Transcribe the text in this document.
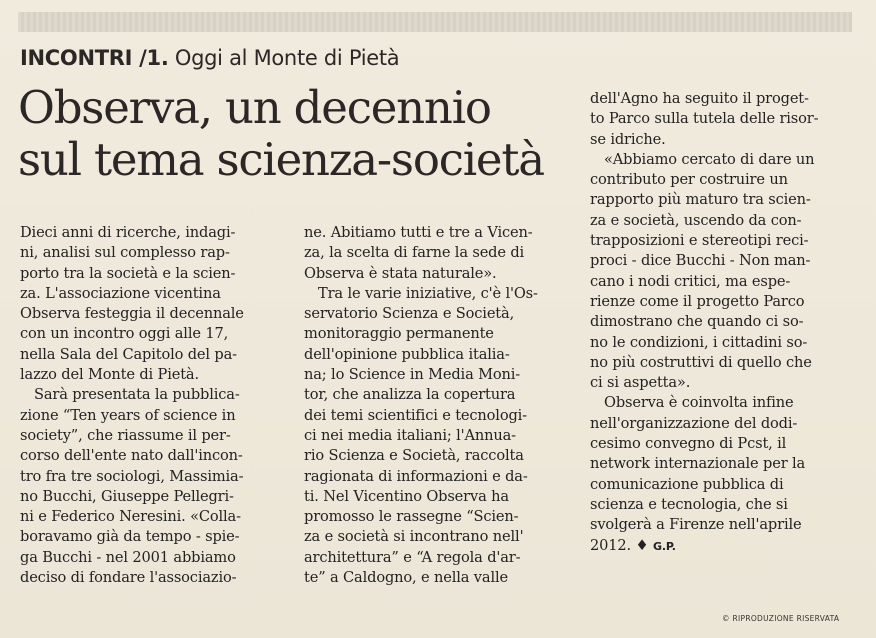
INCONTRI /1. Oggi al Monte di Pietà
Observa, un decennio
sul tema scienza-società
Dieci anni di ricerche, indagi-
ni, analisi sul complesso rap-
porto tra la società e la scien-
za. L'associazione vicentina
Observa festeggia il decennale
con un incontro oggi alle 17,
nella Sala del Capitolo del pa-
lazzo del Monte di Pietà.
Sarà presentata la pubblica-
zione “Ten years of science in
society”, che riassume il per-
corso dell'ente nato dall'incon-
tro fra tre sociologi, Massimia-
no Bucchi, Giuseppe Pellegri-
ni e Federico Neresini. «Colla-
boravamo già da tempo - spie-
ga Bucchi - nel 2001 abbiamo
deciso di fondare l'associazio-
ne. Abitiamo tutti e tre a Vicen-
za, la scelta di farne la sede di
Observa è stata naturale».
Tra le varie iniziative, c'è l'Os-
servatorio Scienza e Società,
monitoraggio permanente
dell'opinione pubblica italia-
na; lo Science in Media Moni-
tor, che analizza la copertura
dei temi scientifici e tecnologi-
ci nei media italiani; l'Annua-
rio Scienza e Società, raccolta
ragionata di informazioni e da-
ti. Nel Vicentino Observa ha
promosso le rassegne “Scien-
za e società si incontrano nell'
architettura” e “A regola d'ar-
te” a Caldogno, e nella valle
dell'Agno ha seguito il proget-
to Parco sulla tutela delle risor-
se idriche.
«Abbiamo cercato di dare un
contributo per costruire un
rapporto più maturo tra scien-
za e società, uscendo da con-
trapposizioni e stereotipi reci-
proci - dice Bucchi - Non man-
cano i nodi critici, ma espe-
rienze come il progetto Parco
dimostrano che quando ci so-
no le condizioni, i cittadini so-
no più costruttivi di quello che
ci si aspetta».
Observa è coinvolta infine
nell'organizzazione del dodi-
cesimo convegno di Pcst, il
network internazionale per la
comunicazione pubblica di
scienza e tecnologia, che si
svolgerà a Firenze nell'aprile
2012. ♦ G.P.
© RIPRODUZIONE RISERVATA
